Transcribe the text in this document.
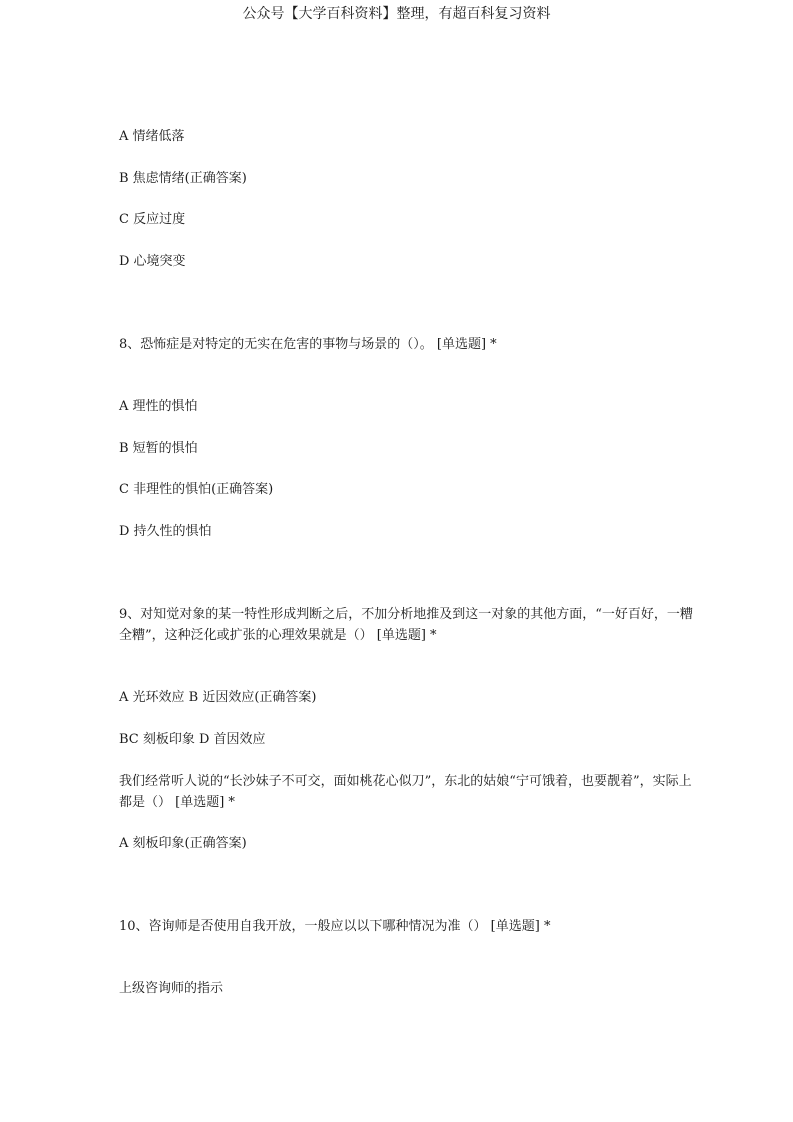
公众号【大学百科资料】整理，有超百科复习资料
A 情绪低落
B 焦虑情绪(正确答案)
C 反应过度
D 心境突变
8、恐怖症是对特定的无实在危害的事物与场景的（）。 [单选题] *
A 理性的惧怕
B 短暂的惧怕
C 非理性的惧怕(正确答案)
D 持久性的惧怕
9、对知觉对象的某一特性形成判断之后，不加分析地推及到这一对象的其他方面，“一好百好，一糟全糟”，这种泛化或扩张的心理效果就是（） [单选题] *
A 光环效应 B 近因效应(正确答案)
BC 刻板印象 D 首因效应
我们经常听人说的“长沙妹子不可交，面如桃花心似刀”，东北的姑娘“宁可饿着，也要靓着”，实际上都是（） [单选题] *
A 刻板印象(正确答案)
10、咨询师是否使用自我开放，一般应以以下哪种情况为准（） [单选题] *
上级咨询师的指示
